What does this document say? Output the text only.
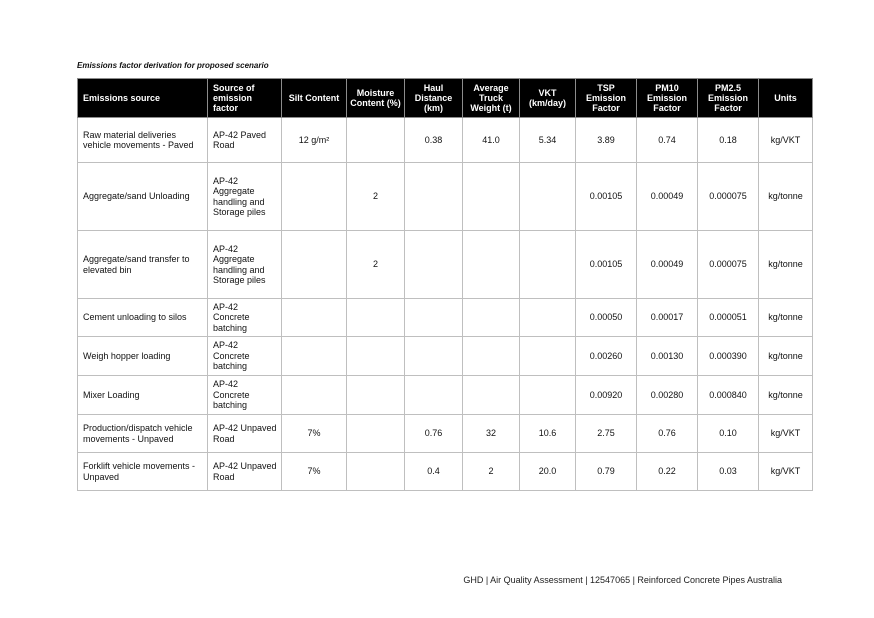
Emissions factor derivation for proposed scenario
Emissions source	Source of emission factor	Silt Content	Moisture Content (%)	Haul Distance (km)	Average Truck Weight (t)	VKT (km/day)	TSP Emission Factor	PM10 Emission Factor	PM2.5 Emission Factor	Units
Raw material deliveries vehicle movements - Paved	AP-42 Paved Road	12 g/m²		0.38	41.0	5.34	3.89	0.74	0.18	kg/VKT
Aggregate/sand Unloading	AP-42 Aggregate handling and Storage piles		2				0.00105	0.00049	0.000075	kg/tonne
Aggregate/sand transfer to elevated bin	AP-42 Aggregate handling and Storage piles		2				0.00105	0.00049	0.000075	kg/tonne
Cement unloading to silos	AP-42 Concrete batching						0.00050	0.00017	0.000051	kg/tonne
Weigh hopper loading	AP-42 Concrete batching						0.00260	0.00130	0.000390	kg/tonne
Mixer Loading	AP-42 Concrete batching						0.00920	0.00280	0.000840	kg/tonne
Production/dispatch vehicle movements - Unpaved	AP-42 Unpaved Road	7%		0.76	32	10.6	2.75	0.76	0.10	kg/VKT
Forklift vehicle movements - Unpaved	AP-42 Unpaved Road	7%		0.4	2	20.0	0.79	0.22	0.03	kg/VKT
GHD | Air Quality Assessment | 12547065 | Reinforced Concrete Pipes Australia
